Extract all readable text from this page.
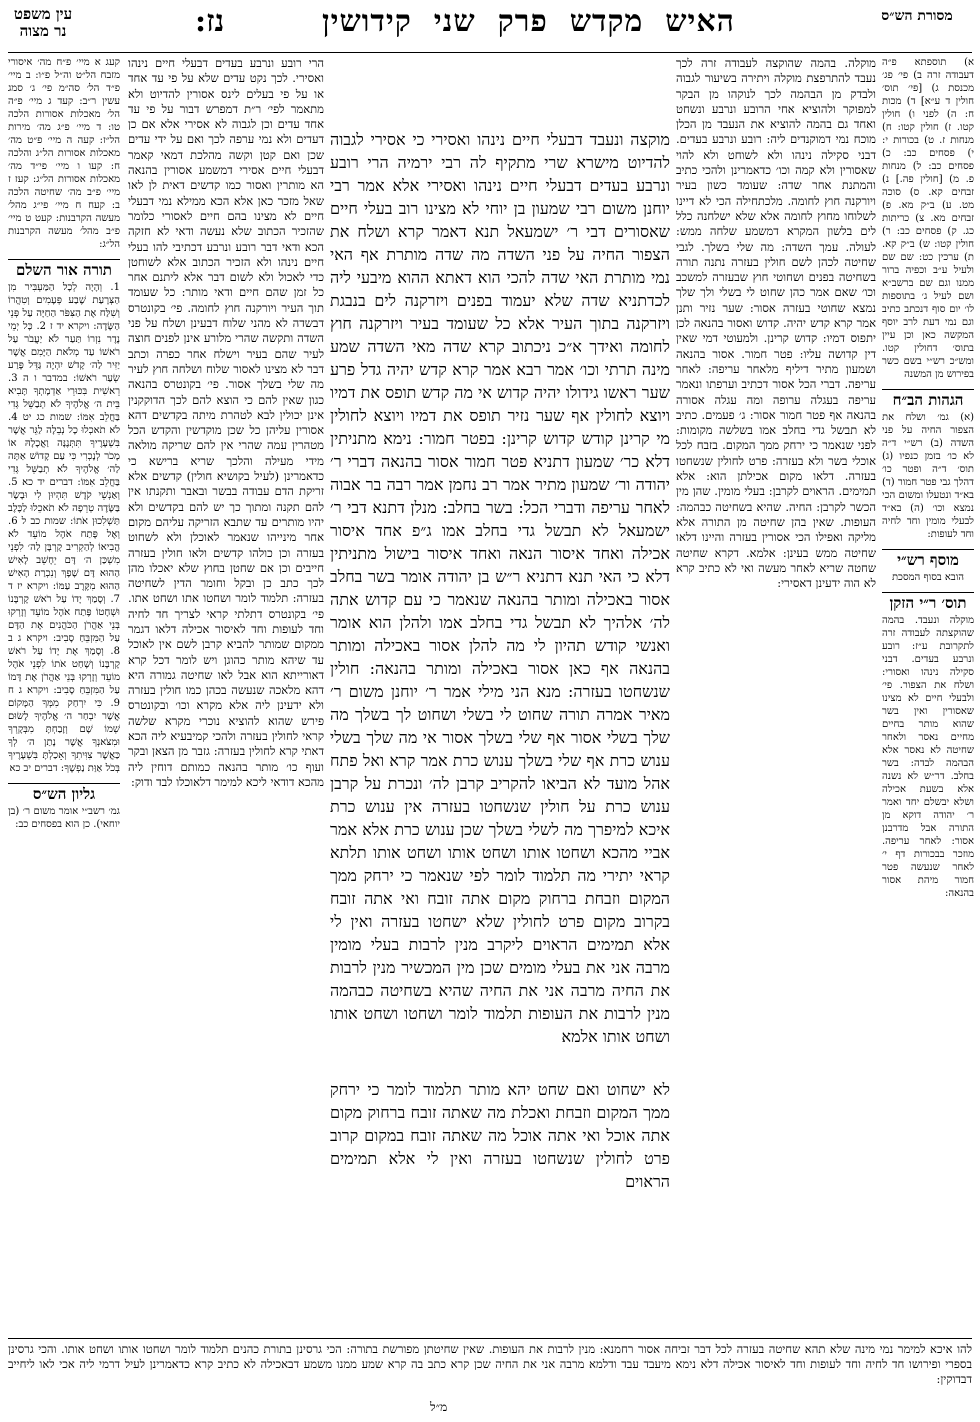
עין משפט נר מצוה	נז:	האישמקדשפרקשניקידושין	מסורת הש״ס
קעג א מיי׳ פ״ח מה׳ איסורי מזבח הל״ט וה״ל פ״ו: ב מיי׳ פ״ד הל׳ סה״מ פי׳ ג׳ סמג עשין ר״ב: קעד ג מיי׳ פ״ה הל׳ מאכלות אסורות הלכה טו: ד מיי׳ פ״ג מה׳ מירות הל״ז: קעה ה מיי׳ פ״ט מה׳ מאכלות אסורות הל״ג והלכה ח: קעו ו מיי׳ פי״ד מה׳ מאכלות אסורות הל״ג: קעז ז מיי׳ פ״ב מה׳ שחיטה הלכה ב: קעח ח מיי׳ פי״ג מהל׳ מעשה הקרבנות: קעט ט מיי׳ פ״ב מהל׳ מעשה הקרבנות הל״ג:
תורה אור השלם
1. וְהָיָה לְכָל הַמַּעְבִּיר מִן הַצְּרָעַת שֶׁבַע פְּעָמִים וְטִהֲרוֹ וְשִׁלַּח אֶת הַצִּפֹּר הַחַיָּה עַל פְּנֵי הַשָּׂדֶה: ויקרא יד ז 2. כָּל יְמֵי נֶדֶר נִזְרוֹ תַּעַר לֹא יַעֲבֹר עַל רֹאשׁוֹ עַד מְלֹאת הַיָּמִם אֲשֶׁר יַזִּיר לַה׳ קָדֹשׁ יִהְיֶה גַּדֵּל פֶּרַע שְׂעַר רֹאשׁוֹ: במדבר ו ה 3. רֵאשִׁית בִּכּוּרֵי אַדְמָתְךָ תָּבִיא בֵּית ה׳ אֱלֹהֶיךָ לֹא תְבַשֵּׁל גְּדִי בַּחֲלֵב אִמּוֹ: שמות כג יט 4. לֹא תֹאכְלוּ כָל נְבֵלָה לַגֵּר אֲשֶׁר בִּשְׁעָרֶיךָ תִּתְּנֶנָּה וַאֲכָלָהּ אוֹ מָכֹר לְנָכְרִי כִּי עַם קָדוֹשׁ אַתָּה לַה׳ אֱלֹהֶיךָ לֹא תְבַשֵּׁל גְּדִי בַּחֲלֵב אִמּוֹ: דברים יד כא 5. וְאַנְשֵׁי קֹדֶשׁ תִּהְיוּן לִי וּבָשָׂר בַּשָּׂדֶה טְרֵפָה לֹא תֹאכֵלוּ לַכֶּלֶב תַּשְׁלִכוּן אֹתוֹ: שמות כב ל 6. וְאֶל פֶּתַח אֹהֶל מוֹעֵד לֹא הֱבִיאוֹ לְהַקְרִיב קָרְבָּן לַה׳ לִפְנֵי מִשְׁכַּן ה׳ דָּם יֵחָשֵׁב לָאִישׁ הַהוּא דָּם שָׁפָךְ וְנִכְרַת הָאִישׁ הַהוּא מִקֶּרֶב עַמּוֹ: ויקרא יז ד 7. וְסָמַךְ יָדוֹ עַל רֹאשׁ קָרְבָּנוֹ וּשְׁחָטוֹ פֶּתַח אֹהֶל מוֹעֵד וְזָרְקוּ בְּנֵי אַהֲרֹן הַכֹּהֲנִים אֶת הַדָּם עַל הַמִּזְבֵּחַ סָבִיב: ויקרא ג ב 8. וְסָמַךְ אֶת יָדוֹ עַל רֹאשׁ קָרְבָּנוֹ וְשָׁחַט אֹתוֹ לִפְנֵי אֹהֶל מוֹעֵד וְזָרְקוּ בְּנֵי אַהֲרֹן אֶת דָּמוֹ עַל הַמִּזְבֵּחַ סָבִיב: ויקרא ג ח 9. כִּי יִרְחַק מִמְּךָ הַמָּקוֹם אֲשֶׁר יִבְחַר ה׳ אֱלֹהֶיךָ לָשׂוּם שְׁמוֹ שָׁם וְזָבַחְתָּ מִבְּקָרְךָ וּמִצֹּאנְךָ אֲשֶׁר נָתַן ה׳ לְךָ כַּאֲשֶׁר צִוִּיתִךָ וְאָכַלְתָּ בִּשְׁעָרֶיךָ בְּכֹל אַוַּת נַפְשֶׁךָ: דברים יב כא
גליון הש״ס
גמ׳ רשב״י אומר משום ר׳ (בן יוחאי). כן הוא בפסחים כב:
הרי רובע ונרבע בעדים דבעלי חיים נינהו ואסירי. לכך נקט עדים שלא על פי עד אחד או על פי בעלים לינס אסורין להדיוט ולא מתאמר לפי׳ ר״ת דמפרש דבור על פי עד אחד עדים וכן לגבוה לא אסירי אלא אם כן דעדים ולא נמי ערפה לכך ואם על ידי עדים שכן ואם קטן וקשה מהלכת דמאי קאמר דבעלי חיים אסירי דמשמע אסורין בהנאה הא מותרין ואסור כמו קדשים דאית לן לאו שאל מזכר כאן אלא הכא ממילא נמי דבעלי חיים לא מצינו בהם חיים לאסורי כלומר שהזכיר הכתוב שלא נעשה ודאי לא חזקה הכא ודאי דבר רובע ונרבע דכתיבי להו בעלי חיים נינהו ולא הזכיר הכתוב אלא לשוחטן כדי לאכול ולא לשום דבר אלא ליתנם אחר כל זמן שהם חיים ודאי מותר: כל שעומד תוך העיר ויורקנה חוץ לחומה. פי׳ בקונטרס דבשדה לא מהני שלוח דבעינן ושלח על פני השדה ותקשה שהרי מלורע אינן לפנים חוצה לעיר שהם בעיר וישלח אחר כפרה וכתב דבר לא מצינו לאסור שלוח ושלחה חוץ לעיר מה שלי בשלך אסור. פי׳ בקונטרס בהנאה כגון שאין להם כי הוצא להם לכך הדוקקנין אינן יכולין לבא לטהרת מיתה בקדשים דהא אסורין עליהן כל שכן מוקדשין והקדש הכל מטהרין עמה שהרי אין להם שריקה מולאה מידי מעילה והלכך שריא ברישא כי כדאמרינן (לעיל בקושיא חולין) קדשים אלא זריקת הדם עבודה בבשר ובאבר ותקנתו אין להם תקנה ומתוך כך יש להם בקדשים ולא יהיו מותרים עד שתבא הזריקה עליהם מקום אחר מינייהו שנאמר לאוכלן ולא לשחוט בעזרה וכן כולהו קדשים ולאו חולין בעזרה חייבים וכן אם שחטן בחוץ שלא יאכלו מהן לכך כתב כן ובקל וחומר הדין לשחיטה בעזרה: תלמוד לומר ושחטו אתו ושחט אתו. פי׳ בקונטרס דתלתי קראי לצריך חד לחיה וחד לעופות וחד לאיסור אכילה דלאו דגמר ממקום שמותר להביא קרבן לשם אין לאוכל עד שיהא מותר כהוגן ויש לומר דכל קרא דאורייתא הוא אבל לאו שחיטה גמורה היא דהא מלאכה שנעשה בכהן כמו חולין בעזרה ולא ידעינן ליה אלא מקרא וכו׳ ובקונטרס פירש שהוא להוציא נוכרי מקרא שלשה קראי לחולין בעזרה ולהכי קמיבעיא ליה הכא דאתי קרא לחולין בעזרה: גזבר מן הצאן ובקר ועוף כו׳ מותר בהנאה כמותם דוחין ליה מהכא דודאי ליכא למימר דלאוכלו לבד ודוק:
מוקצה ונעבד דבעלי חיים נינהו ואסירי כי אסירי לגבוה להדיוט מישרא שרי מתקיף לה רבי ירמיה הרי רובע ונרבע בעדים דבעלי חיים נינהו ואסירי אלא אמר רבי יוחנן משום רבי שמעון בן יוחי לא מצינו רוב בעלי חיים שאסורים דבי ר׳ ישמעאל תנא דאמר קרא ושלח את הצפור החיה על פני השדה מה שדה מותרת אף האי נמי מותרת האי שדה להכי הוא דאתא ההוא מיבעי ליה לכדתניא שדה שלא יעמוד בפנים ויזרקנה לים בנבגת ויזרקנה בתוך העיר אלא כל שעומד בעיר ויזרקנה חוץ לחומה ואידך א״כ ניכתוב קרא שדה מאי השדה שמע מינה תרתי וכו׳ אמר רבא אמר קרא קדש יהיה גדל פרע שער ראשו גידולו יהיה קדוש אי מה קדש תופס את דמיו ויוצא לחולין אף שער נזיר תופס את דמיו ויוצא לחולין מי קרינן קודש קדוש קרינן: בפטר חמור: נימא מתניתין דלא כר׳ שמעון דתניא פטר חמור אסור בהנאה דברי ר׳ יהודה ור׳ שמעון מתיר אמר רב נחמן אמר רבה בר אבוה לאחר עריפה ודברי הכל: בשר בחלב: מנלן דתנא דבי ר׳ ישמעאל לא תבשל גדי בחלב אמו ג״פ אחד איסור אכילה ואחד איסור הנאה ואחד איסור בישול מתניתין דלא כי האי תנא דתניא ר״ש בן יהודה אומר בשר בחלב אסור באכילה ומותר בהנאה שנאמר כי עם קדוש אתה לה׳ אלהיך לא תבשל גדי בחלב אמו ולהלן הוא אומר ואנשי קודש תהיון לי מה להלן אסור באכילה ומותר בהנאה אף כאן אסור באכילה ומותר בהנאה: חולין שנשחטו בעזרה: מנא הני מילי אמר ר׳ יוחנן משום ר׳ מאיר אמרה תורה שחוט לי בשלי ושחוט לך בשלך מה שלך בשלי אסור אף שלי בשלך אסור אי מה שלך בשלי ענוש כרת אף שלי בשלך ענוש כרת אמר קרא ואל פתח אהל מועד לא הביאו להקריב קרבן לה׳ ונכרת על קרבן ענוש כרת על חולין שנשחטו בעזרה אין ענוש כרת איכא למיפרך מה לשלי בשלך שכן ענוש כרת אלא אמר אביי מהכא ושחטו אותו ושחט אותו ושחט אותו תלתא קראי יתירי מה תלמוד לומר לפי שנאמר כי ירחק ממך המקום וזבחת ברחוק מקום אתה זובח ואי אתה זובח בקרוב מקום פרט לחולין שלא ישחטו בעזרה ואין לי אלא תמימים הראוים ליקרב מנין לרבות בעלי מומין מרבה אני את בעלי מומים שכן מין המכשיר מנין לרבות את החיה מרבה אני את החיה שהיא בשחיטה כבהמה מנין לרבות את העופות תלמוד לומר ושחטו ושחט אותו ושחט אותו אלמא
לא ישחוט ואם שחט יהא מותר תלמוד לומר כי ירחק ממך המקום וזבחת ואכלת מה שאתה זובח ברחוק מקום אתה אוכל ואי אתה אוכל מה שאתה זובח במקום קרוב פרט לחולין שנשחטו בעזרה ואין לי אלא תמימים הראוים
מוקלה. בהמה שהוקצה לעבודה זרה לכך נעבד להתרפצת מוקלה ויתירה בשיעור לגבוה ולבדק מן הבהמה לכך לנוקהו מן הבקר למפוקר ולהוציא אחי הרובע ונרבע ונשחט ואחד גם בהמה להוציא את הנעבד מן הכלן מוכח נמי דמוקנדים ליה: רובע ונרבע בעדים. דבני סקילה נינהו ולא לשוחט ולא להוי שאסורין ולא קמה וכו׳ כדאמרינן ולהכי כתיב והמתנת אחר שדה: שעומד כשון בעיר ויורקנה חוץ לחומה. מלכתחילה הכי לא דיינו לשלוחו מחוץ לחומה אלא שלא ישלחנה כלל לים בלשון המקרא דמשמע שלחה ממש: לעולה. עמך השדה: מה שלי בשלך. לגבי שחיטה לכהן לשם חולין בעזרה נתנה תורה בשחיטה בפנים ושחוטי חוץ שבעזרה למשכב וכו׳ שאם אמר כהן שחוט לי בשלי ולך שלך נמצא שחוטי בעזרה אסור: שער נזיר ותנן אמר קרא קדש יהיה. קדוש ואסור בהנאה לכן יתפוס דמיו: קדוש קרינן. ולמעוטי דמי שאין דין קדושה עליו: פטר חמור. אסור בהנאה ושמעון מתיר דיליף מלאחר עריפה: לאחר עריפה. דברי הכל אסור דכתיב וערפתו ונאמר עריפה בעגלה ערופה ומה עגלה אסורה בהנאה אף פטר חמור אסור: ג׳ פעמים. כתיב לא תבשל גדי בחלב אמו בשלשה מקומות: לפני שנאמר כי ירחק ממך המקום. בזבח לכל אוכלי בשר ולא בעזרה: פרט לחולין שנשחטו בעזרה. דלאו מקום אכילתן הוא: אלא תמימים. הראוים לקרבן: בעלי מומין. שהן מין הכשר לקרבן: החיה. שהיא בשחיטה כבהמה: העופות. שאין בהן שחיטה מן התורה אלא מליקה ואפילו הכי אסורין בעזרה והיינו דלאו שחיטה ממש בעינן: אלמא. דקרא שחיטה שחטה שריא לאחר מעשה ואי לא כתיב קרא לא הוה ידעינן דאסירי:
א) תוספתא פ״ה דעבודה זרה ב) פי׳ פג׳ מכנסת ג) [פי׳ תוס׳ חולין ד ע״א] ד) מכות ח: ה) לפני ו) חולין קטו. ז) חולין קטו: ח) מנחות ז. ט) בכורות י: י) פסחים כב: כ) פסחים כב: ל) מנחות פ. מ) [חולין פה.] נ) זבחים קא. ס) סוכה מט. ע) ב״ק מא. פ) זבחים מא. צ) כריתות כג. ק) פסחים כב: ר) חולין קטו: ש) ב״ק קא. ת) ערכין כט: שם שם ולעיל ע״ב וכפיה ברור ממנו וגם שם ברשב״א ושם לעיל ג׳ בתוספות לו׳ יום סוף דנכתב כתיב וגם נמי דעת לרב יוסף המקשה כאן וכן עיין בתוס׳ דחולין קטו. ומש״כ רש״י בשם כשר בפירוש מן המשנה
הגהות הב״ח
(א) גמ׳ ושלח את הצפור החיה על פני השדה (ב) רש״י ד״ה לא כו׳ בזמן כנפיו (ג) תוס׳ ד״ה ופטר כו׳ דהלך גבי פטר חמור (ד) בא״ד ונטעלו ומשום הכי נמצא וכו׳ (ה) בא״ד לבעלי מומין וחד לחיה וחד לעופות:
מוסף רש״י
הובא בסוף המסכת
תוס׳ ר״י הזקן
מוקלה ונעבד. בהמה שהוקצתה לעבודה זרה לתקרובת ע״ז: רובע ונרבע בעדים. דבני סקילה נינהו ואסורי: ושלח את הצפור. פי׳ ולבעלי חיים לא מצינו שאסורין ואין בשר שהוא מותר בחיים מחיים נאסר ולאחר שחיטה לא נאסר אלא הבהמה לבדה: בשר בחלב. דר״ש לא נשנה אלא בשעת אכילה ושלא יבשלם יחד ואמר ר׳ יהודה דוקא מן התורה אבל מדרבנן אסור: לאחר עריפה. מוזכר בבכורות דף י׳ לאחר שנעשה פטר חמור מיהת אסור בהנאה:
להו איכא למימר נמי מינה שלא תהא שחיטה בעזרה לכל דבר זביחה אסור רחמנא: מנין לרבות את העופות. שאין שחיטתן מפורשת בתורה: הכי גרסינן בתורת כהנים תלמוד לומר ושחטו אותו ושחט אותו. והכי גרסינן בספרי ופירושו חד לחיה וחד לעופות וחד לאיסור אכילה דלא נימא מיעבד עבד ודלמא מרבה אני את החיה שכן קרא כתב בה קרא שמע ממנו משמע דבאכילה לא כתיב קרא כדאמרינן לעיל דרמי ליה אכי לאו ליחייב דבדוקין:
מ״ל
